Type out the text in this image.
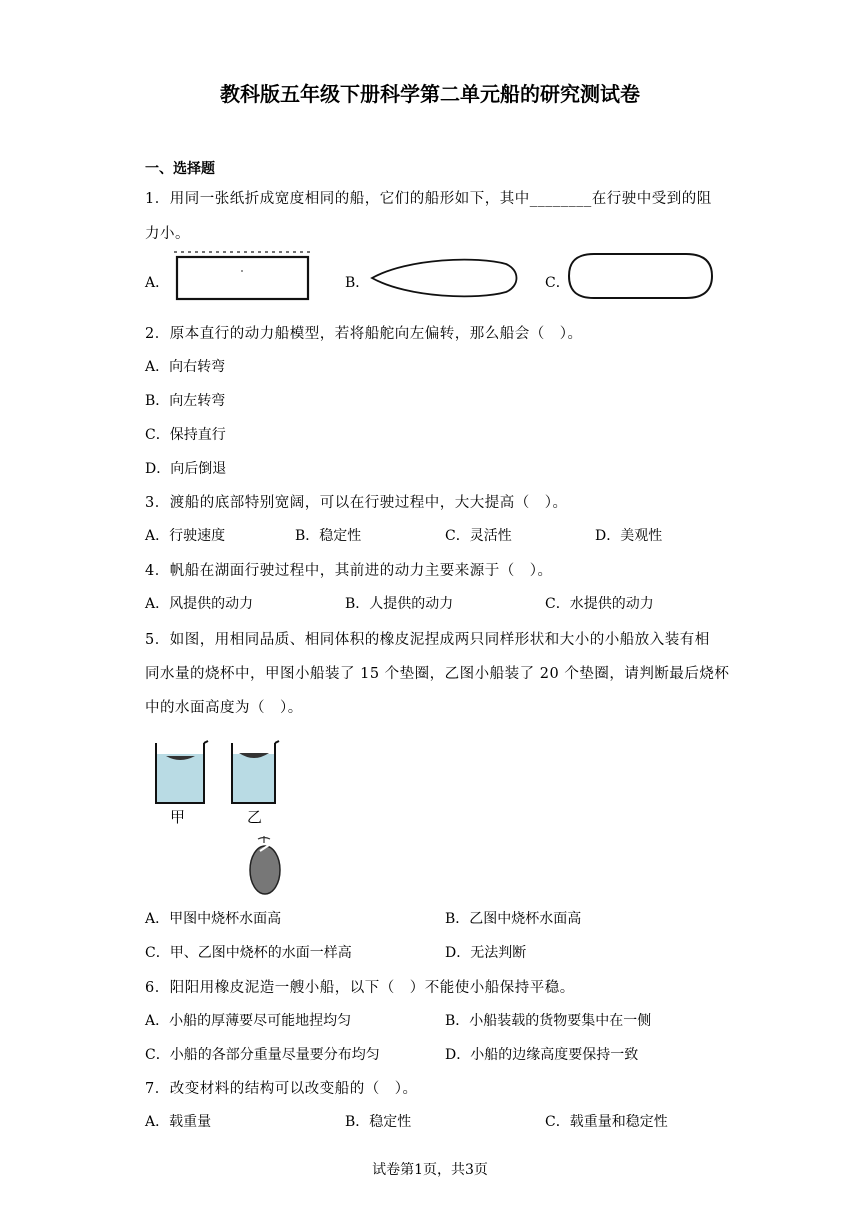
教科版五年级下册科学第二单元船的研究测试卷
一、选择题
1．用同一张纸折成宽度相同的船，它们的船形如下，其中________在行驶中受到的阻
力小。
A．	B．	C．
2．原本直行的动力船模型，若将船舵向左偏转，那么船会（　）。
A．向右转弯
B．向左转弯
C．保持直行
D．向后倒退
3．渡船的底部特别宽阔，可以在行驶过程中，大大提高（　）。
A．行驶速度	B．稳定性	C．灵活性	D．美观性
4．帆船在湖面行驶过程中，其前进的动力主要来源于（　）。
A．风提供的动力	B．人提供的动力	C．水提供的动力
5．如图，用相同品质、相同体积的橡皮泥捏成两只同样形状和大小的小船放入装有相
同水量的烧杯中，甲图小船装了 15 个垫圈，乙图小船装了 20 个垫圈，请判断最后烧杯
中的水面高度为（　）。
甲	乙
A．甲图中烧杯水面高	B．乙图中烧杯水面高
C．甲、乙图中烧杯的水面一样高	D．无法判断
6．阳阳用橡皮泥造一艘小船，以下（　）不能使小船保持平稳。
A．小船的厚薄要尽可能地捏均匀	B．小船装载的货物要集中在一侧
C．小船的各部分重量尽量要分布均匀	D．小船的边缘高度要保持一致
7．改变材料的结构可以改变船的（　）。
A．载重量	B．稳定性	C．载重量和稳定性
试卷第1页，共3页
